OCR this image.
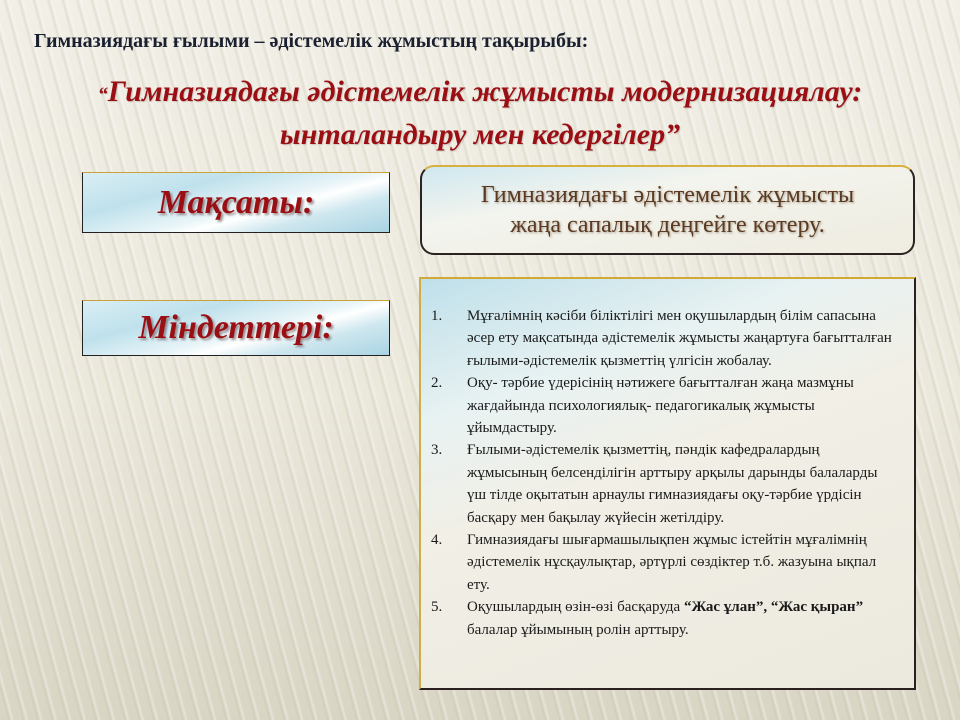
Гимназиядағы ғылыми – әдістемелік жұмыстың тақырыбы:
“Гимназиядағы әдістемелік жұмысты модернизациялау:
ынталандыру мен кедергілер”
Мақсаты:	Гимназиядағы әдістемелік жұмысты
жаңа сапалық деңгейге көтеру.
Міндеттері:	1.	Мұғалімнің кәсіби біліктілігі мен оқушылардың білім сапасына әсер ету мақсатында әдістемелік жұмысты жаңартуға бағытталған ғылыми-әдістемелік қызметтің үлгісін жобалау.
2.	Оқу- тәрбие үдерісінің нәтижеге бағытталған жаңа мазмұны жағдайында психологиялық- педагогикалық жұмысты ұйымдастыру.
3.	Ғылыми-әдістемелік қызметтің, пәндік кафедралардың жұмысының белсенділігін арттыру арқылы дарынды балаларды үш тілде оқытатын арнаулы гимназиядағы оқу-тәрбие үрдісін басқару мен бақылау жүйесін жетілдіру.
4.	Гимназиядағы шығармашылықпен жұмыс істейтін мұғалімнің әдістемелік нұсқаулықтар, әртүрлі сөздіктер т.б. жазуына ықпал ету.
5.	Оқушылардың өзін-өзі басқаруда “Жас ұлан”, “Жас қыран” балалар ұйымының ролін арттыру.
